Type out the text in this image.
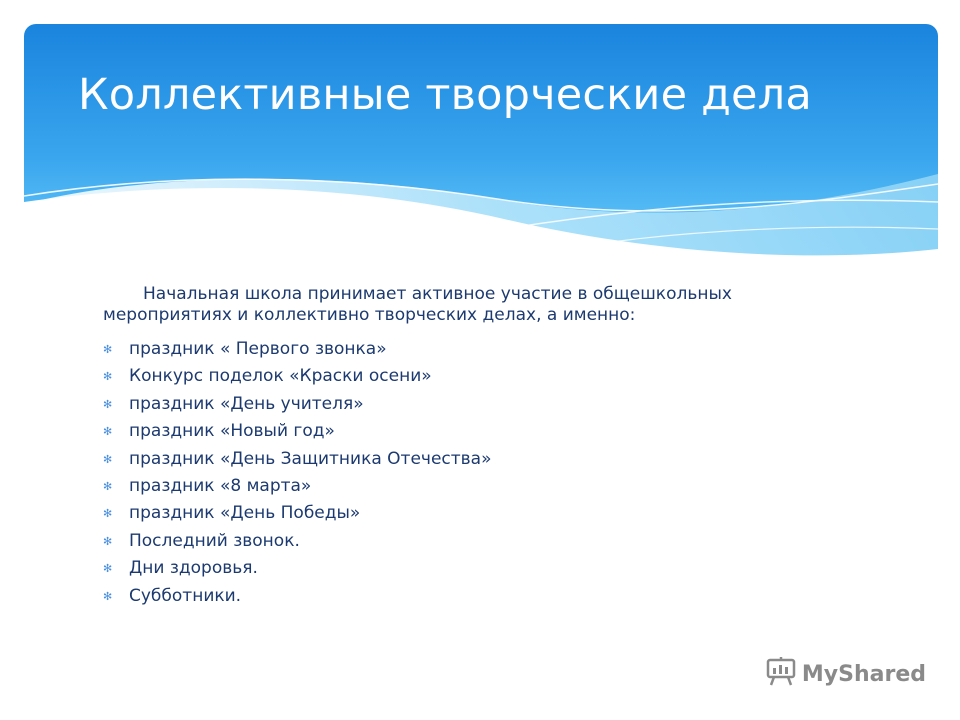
Коллективные творческие дела

Начальная школа принимает активное участие в общешкольных мероприятиях и коллективно творческих делах, а именно:

✻ праздник « Первого звонка»
✻ Конкурс поделок «Краски осени»
✻ праздник «День учителя»
✻ праздник «Новый год»
✻ праздник «День Защитника Отечества»
✻ праздник «8 марта»
✻ праздник «День Победы»
✻ Последний звонок.
✻ Дни здоровья.
✻ Субботники.
MyShared
